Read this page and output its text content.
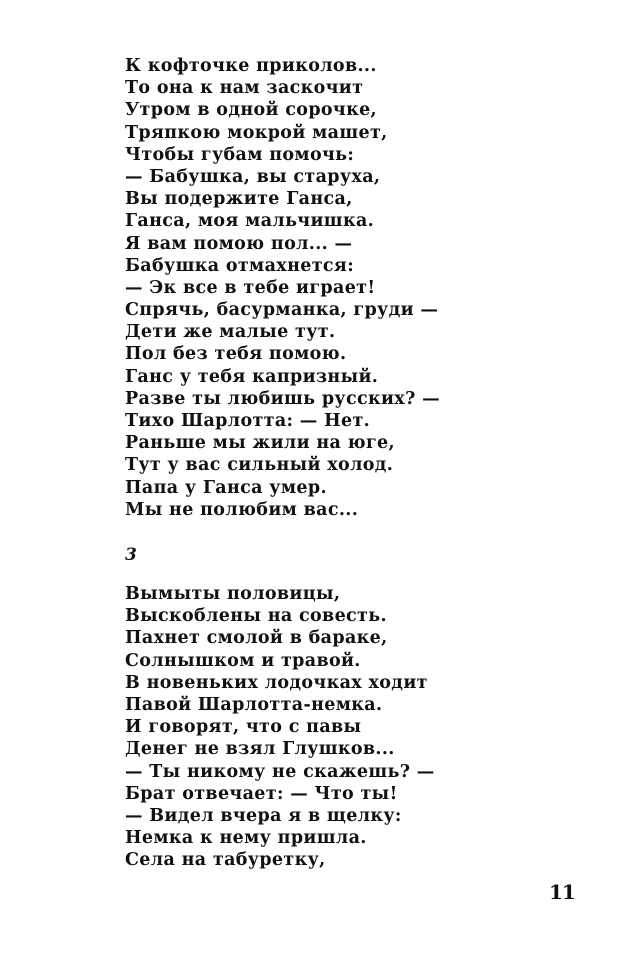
К кофточке приколов...
То она к нам заскочит
Утром в одной сорочке,
Тряпкою мокрой машет,
Чтобы губам помочь:
— Бабушка, вы старуха,
Вы подержите Ганса,
Ганса, моя мальчишка.
Я вам помою пол... —
Бабушка отмахнется:
— Эк все в тебе играет!
Спрячь, басурманка, груди —
Дети же малые тут.
Пол без тебя помою.
Ганс у тебя капризный.
Разве ты любишь русских? —
Тихо Шарлотта: — Нет.
Раньше мы жили на юге,
Тут у вас сильный холод.
Папа у Ганса умер.
Мы не полюбим вас...
3
Вымыты половицы,
Выскоблены на совесть.
Пахнет смолой в бараке,
Солнышком и травой.
В новеньких лодочках ходит
Павой Шарлотта-немка.
И говорят, что с павы
Денег не взял Глушков...
— Ты никому не скажешь? —
Брат отвечает: — Что ты!
— Видел вчера я в щелку:
Немка к нему пришла.
Села на табуретку,
11
